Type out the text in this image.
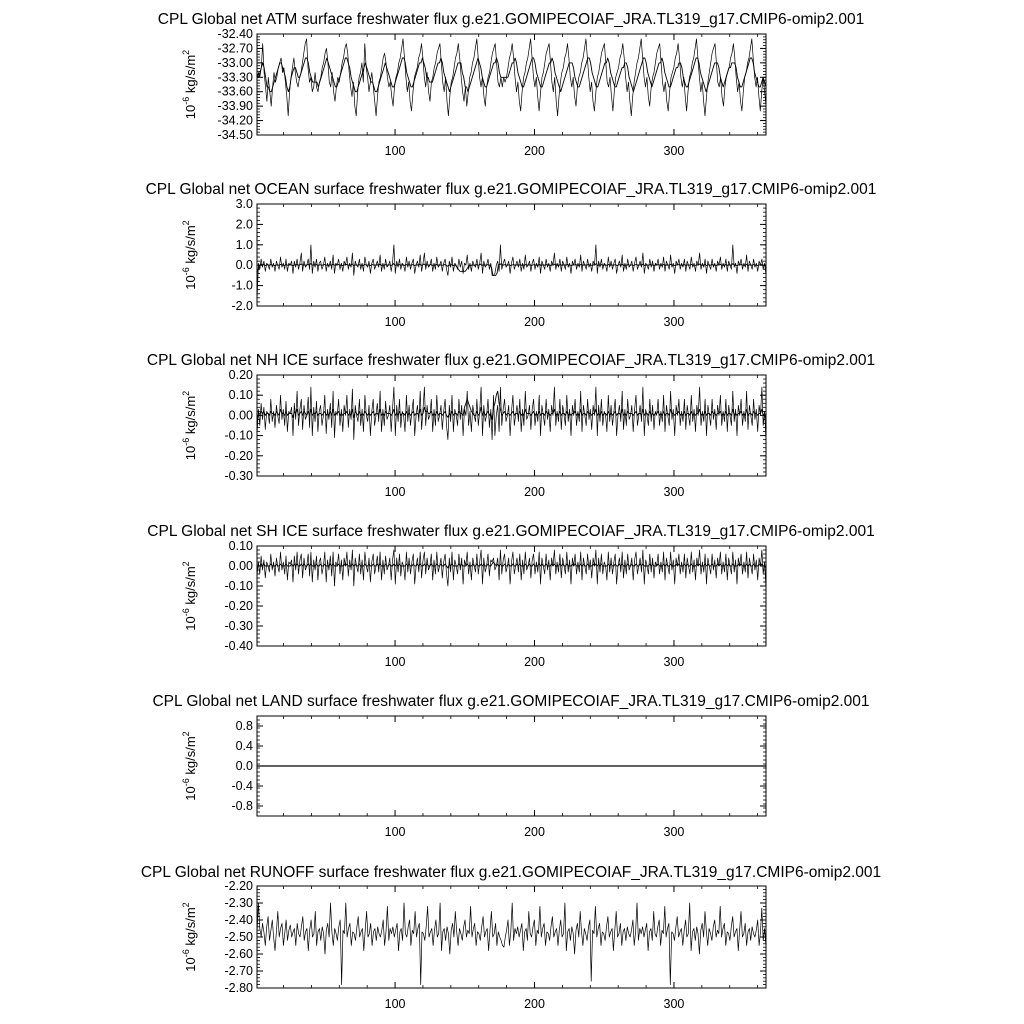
CPL Global net ATM surface freshwater flux g.e21.GOMIPECOIAF_JRA.TL319_g17.CMIP6-omip2.001
-32.40
-32.70
-33.00
-33.30
-33.60
-33.90
-34.20
-34.50
100	200	300
$10^{-6}$ $kg/s/m^2$
CPL Global net OCEAN surface freshwater flux g.e21.GOMIPECOIAF_JRA.TL319_g17.CMIP6-omip2.001
3.0
2.0
1.0
0.0
-1.0
-2.0
100	200	300
$10^{-6}$ $kg/s/m^2$
CPL Global net NH ICE surface freshwater flux g.e21.GOMIPECOIAF_JRA.TL319_g17.CMIP6-omip2.001
0.20
0.10
0.00
-0.10
-0.20
-0.30
100	200	300
$10^{-6}$ $kg/s/m^2$
CPL Global net SH ICE surface freshwater flux g.e21.GOMIPECOIAF_JRA.TL319_g17.CMIP6-omip2.001
0.10
0.00
-0.10
-0.20
-0.30
-0.40
100	200	300
$10^{-6}$ $kg/s/m^2$
CPL Global net LAND surface freshwater flux g.e21.GOMIPECOIAF_JRA.TL319_g17.CMIP6-omip2.001
0.8
0.4
0.0
-0.4
-0.8
100	200	300
$10^{-6}$ $kg/s/m^2$
CPL Global net RUNOFF surface freshwater flux g.e21.GOMIPECOIAF_JRA.TL319_g17.CMIP6-omip2.001
-2.20
-2.30
-2.40
-2.50
-2.60
-2.70
-2.80
100	200	300
$10^{-6}$ $kg/s/m^2$
